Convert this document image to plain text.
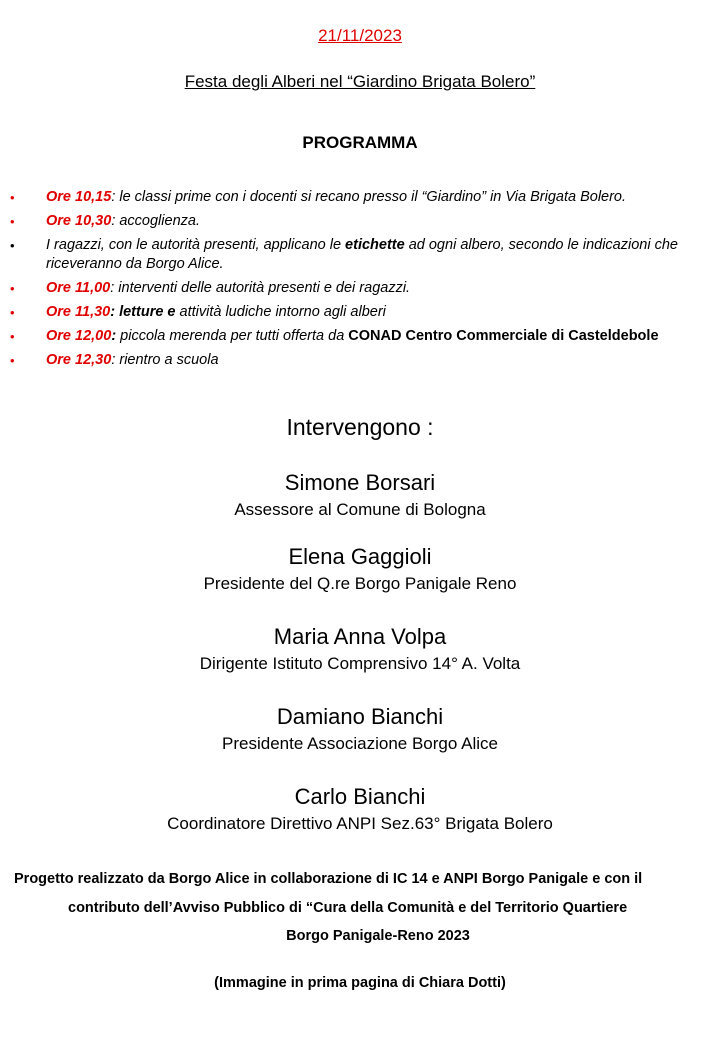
21/11/2023
Festa degli Alberi nel “Giardino Brigata Bolero”
PROGRAMMA
• Ore 10,15: le classi prime con i docenti si recano presso il “Giardino” in Via Brigata Bolero.
• Ore 10,30: accoglienza.
• I ragazzi, con le autorità presenti, applicano le etichette ad ogni albero, secondo le indicazioni che riceveranno da Borgo Alice.
• Ore 11,00: interventi delle autorità presenti e dei ragazzi.
• Ore 11,30: letture e attività ludiche intorno agli alberi
• Ore 12,00: piccola merenda per tutti offerta da CONAD Centro Commerciale di Casteldebole
• Ore 12,30: rientro a scuola
Intervengono :
Simone Borsari
Assessore al Comune di Bologna
Elena Gaggioli
Presidente del Q.re Borgo Panigale Reno
Maria Anna Volpa
Dirigente Istituto Comprensivo 14° A. Volta
Damiano Bianchi
Presidente Associazione Borgo Alice
Carlo Bianchi
Coordinatore Direttivo ANPI Sez.63° Brigata Bolero
Progetto realizzato da Borgo Alice in collaborazione di IC 14 e ANPI Borgo Panigale e con il
contributo dell’Avviso Pubblico di “Cura della Comunità e del Territorio Quartiere
Borgo Panigale-Reno 2023
(Immagine in prima pagina di Chiara Dotti)
